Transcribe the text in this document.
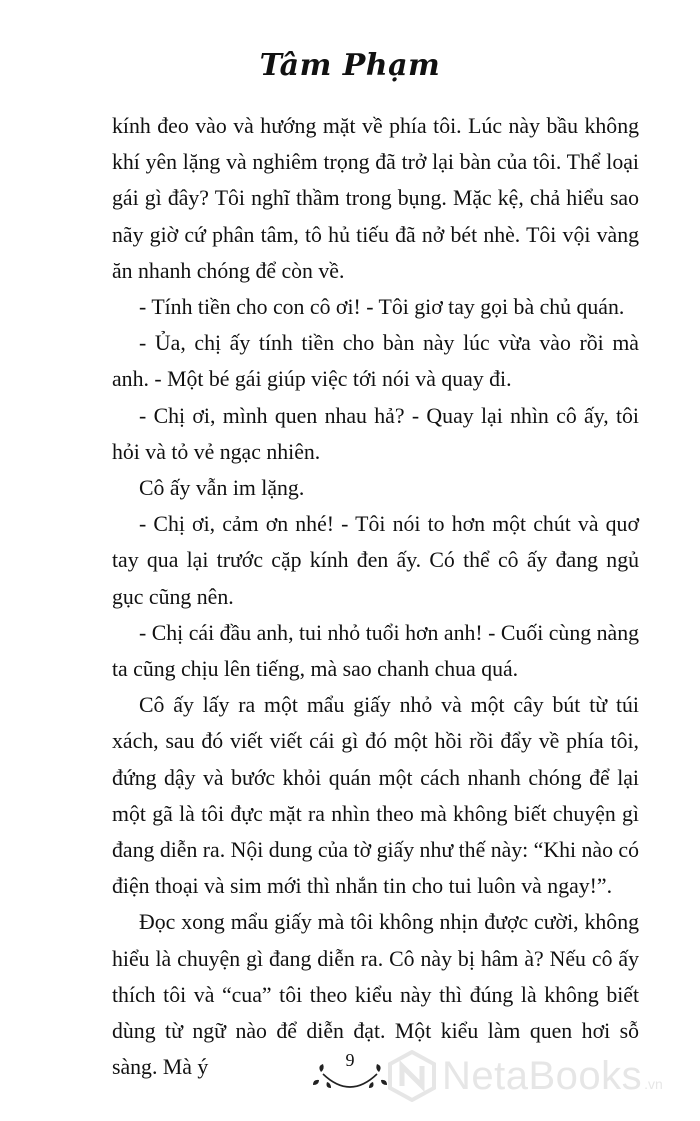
Tâm Phạm

kính đeo vào và hướng mặt về phía tôi. Lúc này bầu không khí yên lặng và nghiêm trọng đã trở lại bàn của tôi. Thể loại gái gì đây? Tôi nghĩ thầm trong bụng. Mặc kệ, chả hiểu sao nãy giờ cứ phân tâm, tô hủ tiếu đã nở bét nhè. Tôi vội vàng ăn nhanh chóng để còn về.

- Tính tiền cho con cô ơi! - Tôi giơ tay gọi bà chủ quán.

- Ủa, chị ấy tính tiền cho bàn này lúc vừa vào rồi mà anh. - Một bé gái giúp việc tới nói và quay đi.

- Chị ơi, mình quen nhau hả? - Quay lại nhìn cô ấy, tôi hỏi và tỏ vẻ ngạc nhiên.

Cô ấy vẫn im lặng.

- Chị ơi, cảm ơn nhé! - Tôi nói to hơn một chút và quơ tay qua lại trước cặp kính đen ấy. Có thể cô ấy đang ngủ gục cũng nên.

- Chị cái đầu anh, tui nhỏ tuổi hơn anh! - Cuối cùng nàng ta cũng chịu lên tiếng, mà sao chanh chua quá.

Cô ấy lấy ra một mẩu giấy nhỏ và một cây bút từ túi xách, sau đó viết viết cái gì đó một hồi rồi đẩy về phía tôi, đứng dậy và bước khỏi quán một cách nhanh chóng để lại một gã là tôi đực mặt ra nhìn theo mà không biết chuyện gì đang diễn ra. Nội dung của tờ giấy như thế này: “Khi nào có điện thoại và sim mới thì nhắn tin cho tui luôn và ngay!”.

Đọc xong mẩu giấy mà tôi không nhịn được cười, không hiểu là chuyện gì đang diễn ra. Cô này bị hâm à? Nếu cô ấy thích tôi và “cua” tôi theo kiểu này thì đúng là không biết dùng từ ngữ nào để diễn đạt. Một kiểu làm quen hơi sỗ sàng. Mà ý	9	NetaBooks .vn
